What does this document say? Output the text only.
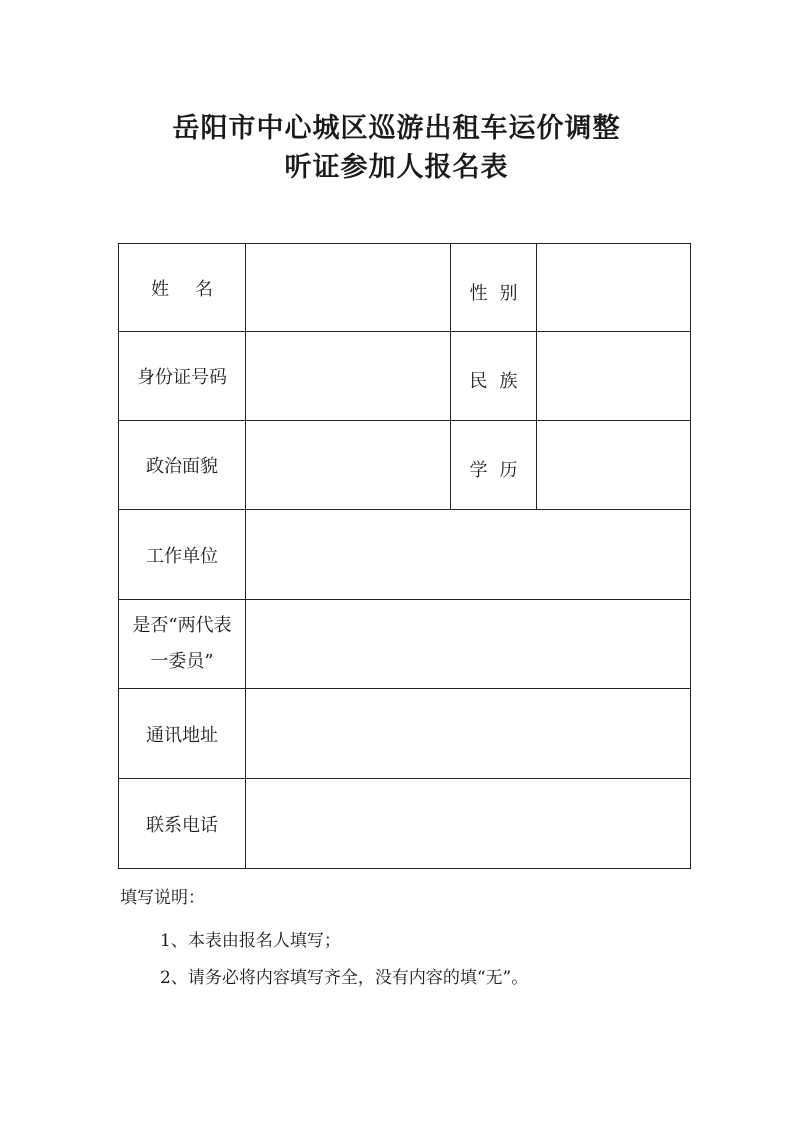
岳阳市中心城区巡游出租车运价调整
听证参加人报名表
姓名		性别	
身份证号码		民族	
政治面貌		学历	
工作单位			

是否“两代表
一委员”			

通讯地址			
联系电话			
填写说明：
1、本表由报名人填写；
2、请务必将内容填写齐全，没有内容的填“无”。
